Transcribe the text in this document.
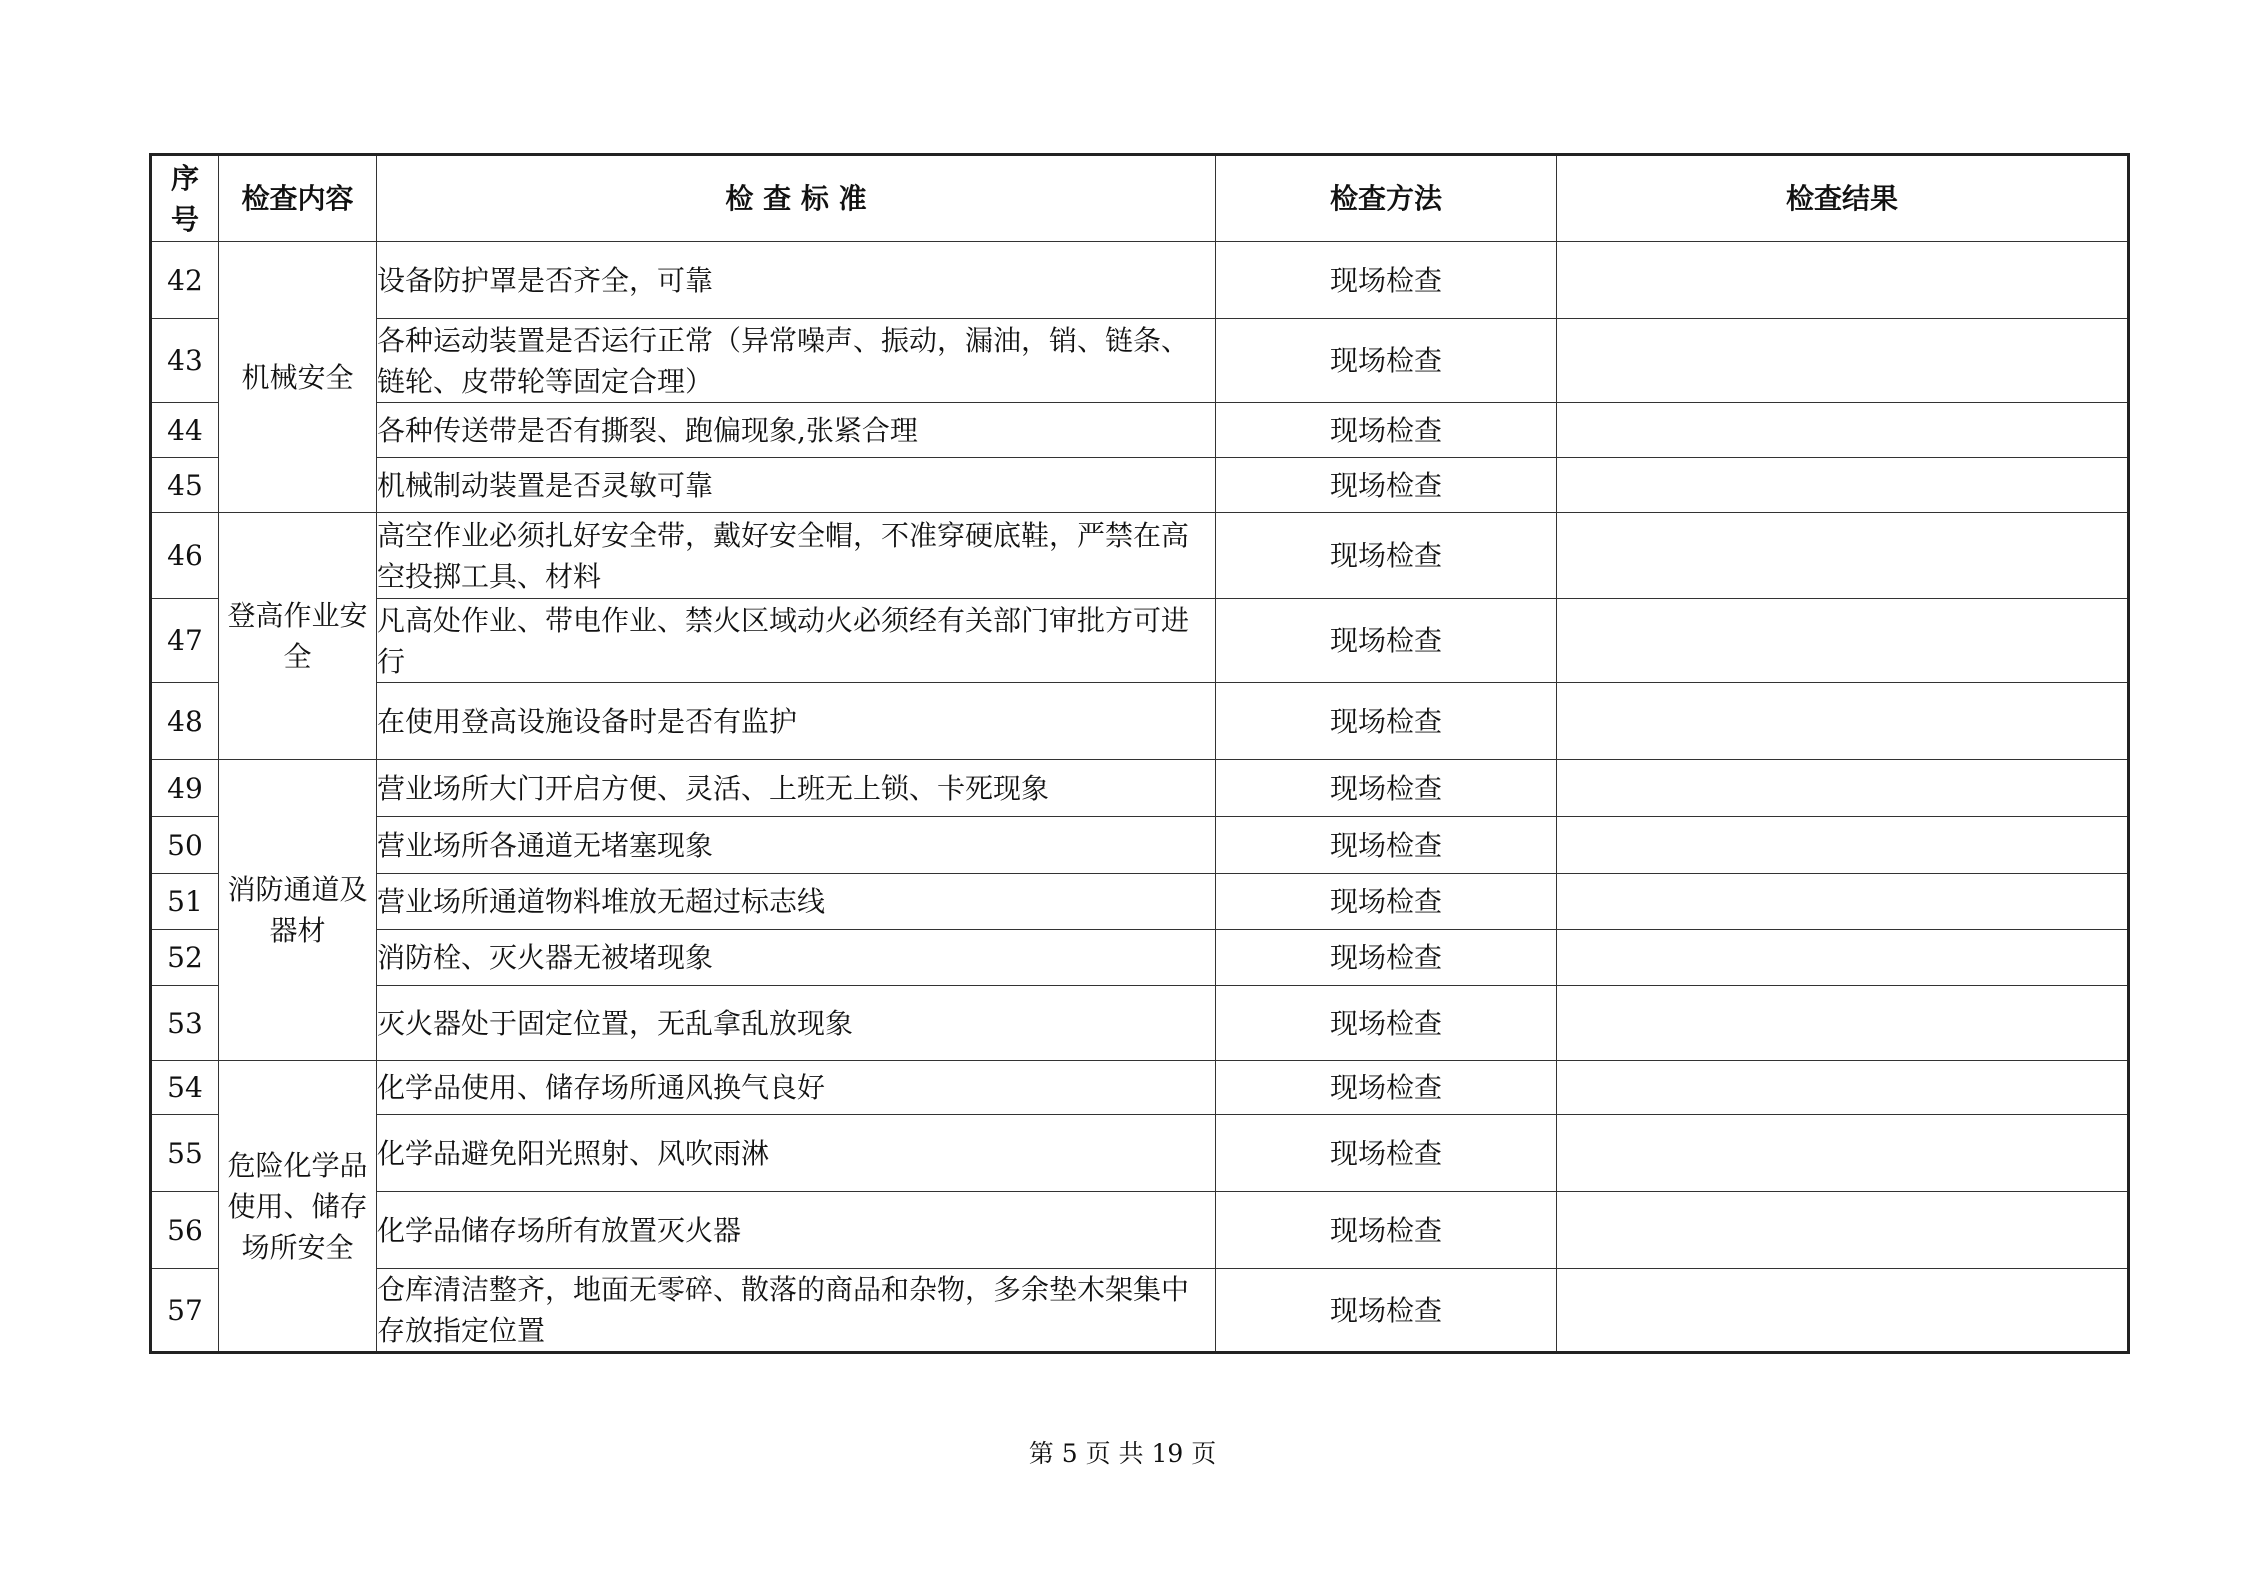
序号	检查内容	检 查 标 准	检查方法	检查结果
42	机械安全	设备防护罩是否齐全，可靠	现场检查	
43		各种运动装置是否运行正常（异常噪声、振动，漏油，销、链条、链轮、皮带轮等固定合理）	现场检查	
44		各种传送带是否有撕裂、跑偏现象,张紧合理	现场检查	
45		机械制动装置是否灵敏可靠	现场检查	
46	登高作业安全	高空作业必须扎好安全带，戴好安全帽，不准穿硬底鞋，严禁在高空投掷工具、材料	现场检查	
47		凡高处作业、带电作业、禁火区域动火必须经有关部门审批方可进行	现场检查	
48		在使用登高设施设备时是否有监护	现场检查	
49	消防通道及器材	营业场所大门开启方便、灵活、上班无上锁、卡死现象	现场检查	
50		营业场所各通道无堵塞现象	现场检查	
51		营业场所通道物料堆放无超过标志线	现场检查	
52		消防栓、灭火器无被堵现象	现场检查	
53		灭火器处于固定位置，无乱拿乱放现象	现场检查	
54	危险化学品使用、储存场所安全	化学品使用、储存场所通风换气良好	现场检查	
55		化学品避免阳光照射、风吹雨淋	现场检查	
56		化学品储存场所有放置灭火器	现场检查	
57		仓库清洁整齐，地面无零碎、散落的商品和杂物，多余垫木架集中存放指定位置	现场检查	
第 5 页 共 19 页
